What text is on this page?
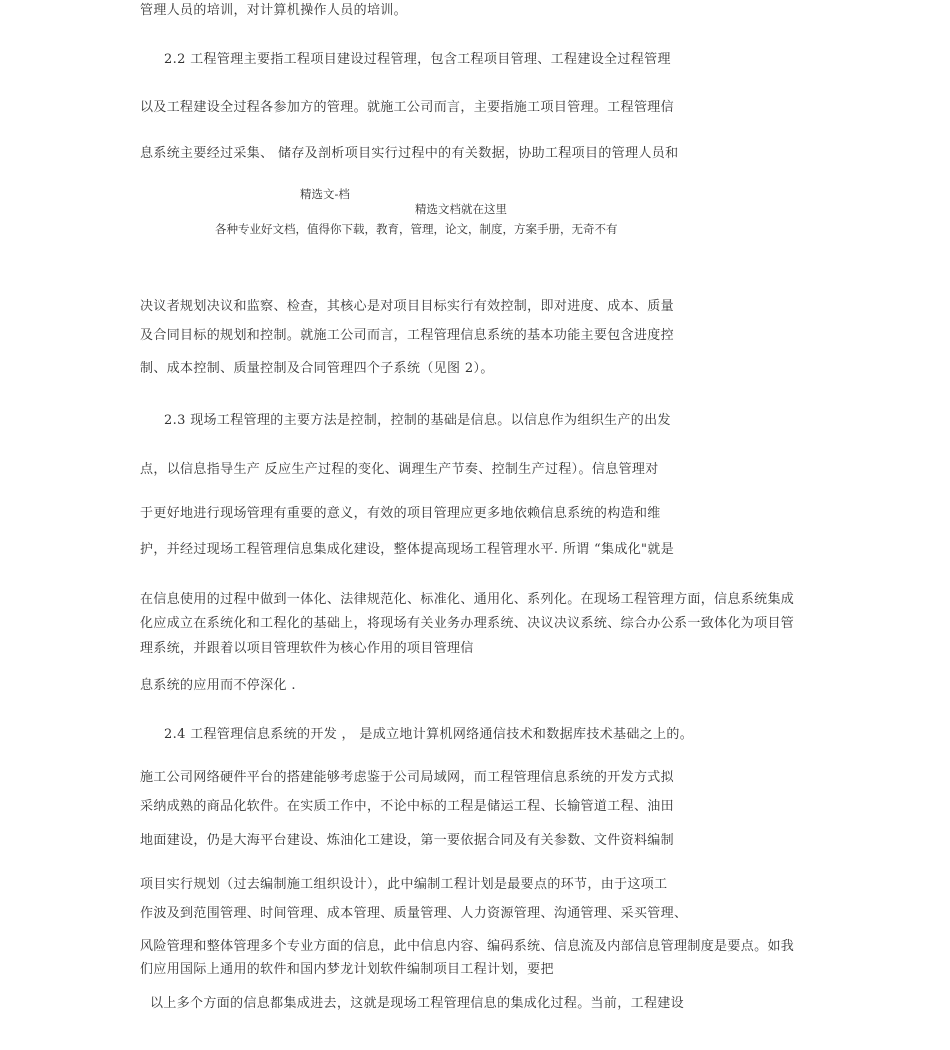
管理人员的培训，对计算机操作人员的培训。
2.2 工程管理主要指工程项目建设过程管理，包含工程项目管理、工程建设全过程管理
以及工程建设全过程各参加方的管理。就施工公司而言，主要指施工项目管理。工程管理信
息系统主要经过采集、 储存及剖析项目实行过程中的有关数据，协助工程项目的管理人员和
精选文-档
精选文档就在这里
各种专业好文档，值得你下载，教育，管理，论文，制度，方案手册，无奇不有
决议者规划决议和监察、检查，其核心是对项目目标实行有效控制，即对进度、成本、质量
及合同目标的规划和控制。就施工公司而言，工程管理信息系统的基本功能主要包含进度控
制、成本控制、质量控制及合同管理四个子系统（见图 2）。
2.3 现场工程管理的主要方法是控制，控制的基础是信息。以信息作为组织生产的出发
点，以信息指导生产 反应生产过程的变化、调理生产节奏、控制生产过程）。信息管理对
于更好地进行现场管理有重要的意义，有效的项目管理应更多地依赖信息系统的构造和维
护，并经过现场工程管理信息集成化建设，整体提高现场工程管理水平. 所谓 “集成化"就是
在信息使用的过程中做到一体化、法律规范化、标准化、通用化、系列化。在现场工程管理方面，信息系统集成
化应成立在系统化和工程化的基础上，将现场有关业务办理系统、决议决议系统、综合办公系一致体化为项目管
理系统，并跟着以项目管理软件为核心作用的项目管理信
息系统的应用而不停深化 .
2.4 工程管理信息系统的开发 ， 是成立地计算机网络通信技术和数据库技术基础之上的。
施工公司网络硬件平台的搭建能够考虑鉴于公司局域网，而工程管理信息系统的开发方式拟
采纳成熟的商品化软件。在实质工作中，不论中标的工程是储运工程、长输管道工程、油田
地面建设，仍是大海平台建设、炼油化工建设，第一要依据合同及有关参数、文件资料编制
项目实行规划（过去编制施工组织设计），此中编制工程计划是最要点的环节，由于这项工
作波及到范围管理、时间管理、成本管理、质量管理、人力资源管理、沟通管理、采买管理、
风险管理和整体管理多个专业方面的信息，此中信息内容、编码系统、信息流及内部信息管理制度是要点。如我
们应用国际上通用的软件和国内梦龙计划软件编制项目工程计划，要把
以上多个方面的信息都集成进去，这就是现场工程管理信息的集成化过程。当前，工程建设
